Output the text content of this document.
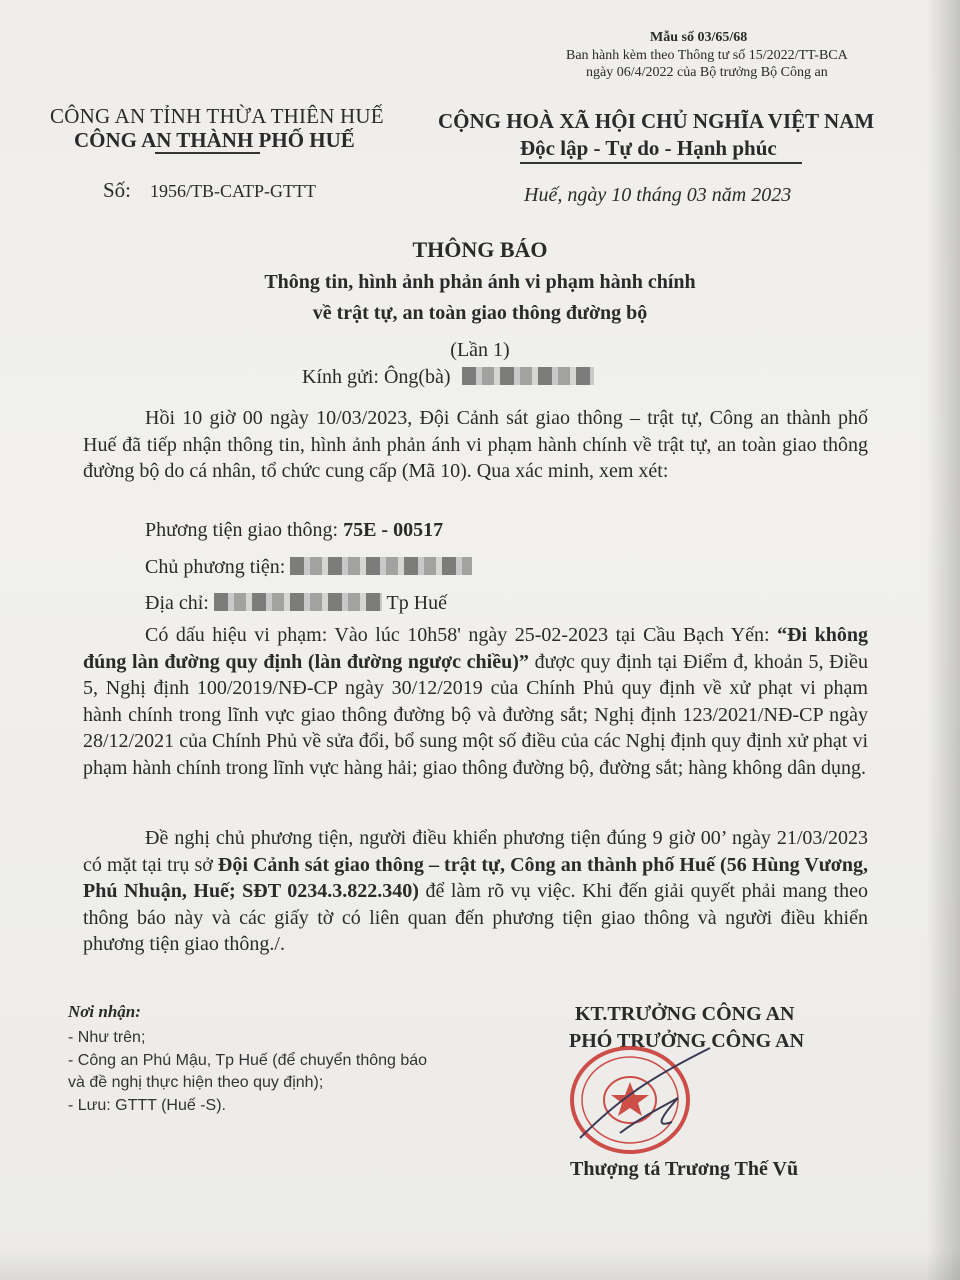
Mẫu số 03/65/68
Ban hành kèm theo Thông tư số 15/2022/TT-BCA
ngày 06/4/2022 của Bộ trưởng Bộ Công an
CÔNG AN TỈNH THỪA THIÊN HUẾ
CÔNG AN THÀNH PHỐ HUẾ
CỘNG HOÀ XÃ HỘI CHỦ NGHĨA VIỆT NAM
Độc lập - Tự do - Hạnh phúc
Số: 1956/TB-CATP-GTTT	Huế, ngày 10 tháng 03 năm 2023
THÔNG BÁO
Thông tin, hình ảnh phản ánh vi phạm hành chính
về trật tự, an toàn giao thông đường bộ
(Lần 1)
Kính gửi: Ông(bà)
Hồi 10 giờ 00 ngày 10/03/2023, Đội Cảnh sát giao thông – trật tự, Công an thành phố Huế đã tiếp nhận thông tin, hình ảnh phản ánh vi phạm hành chính về trật tự, an toàn giao thông đường bộ do cá nhân, tổ chức cung cấp (Mã 10). Qua xác minh, xem xét:
Phương tiện giao thông: 75E - 00517
Chủ phương tiện:
Địa chỉ:	Tp Huế
Có dấu hiệu vi phạm: Vào lúc 10h58' ngày 25-02-2023 tại Cầu Bạch Yến: “Đi không đúng làn đường quy định (làn đường ngược chiều)” được quy định tại Điểm đ, khoản 5, Điều 5, Nghị định 100/2019/NĐ-CP ngày 30/12/2019 của Chính Phủ quy định về xử phạt vi phạm hành chính trong lĩnh vực giao thông đường bộ và đường sắt; Nghị định 123/2021/NĐ-CP ngày 28/12/2021 của Chính Phủ về sửa đổi, bổ sung một số điều của các Nghị định quy định xử phạt vi phạm hành chính trong lĩnh vực hàng hải; giao thông đường bộ, đường sắt; hàng không dân dụng.
Đề nghị chủ phương tiện, người điều khiển phương tiện đúng 9 giờ 00’ ngày 21/03/2023 có mặt tại trụ sở Đội Cảnh sát giao thông – trật tự, Công an thành phố Huế (56 Hùng Vương, Phú Nhuận, Huế; SĐT 0234.3.822.340) để làm rõ vụ việc. Khi đến giải quyết phải mang theo thông báo này và các giấy tờ có liên quan đến phương tiện giao thông và người điều khiển phương tiện giao thông./.
Nơi nhận:
- Như trên;
- Công an Phú Mậu, Tp Huế (để chuyển thông báo
và đề nghị thực hiện theo quy định);
- Lưu: GTTT (Huế -S).
KT.TRƯỞNG CÔNG AN
PHÓ TRƯỞNG CÔNG AN
Thượng tá Trương Thế Vũ
